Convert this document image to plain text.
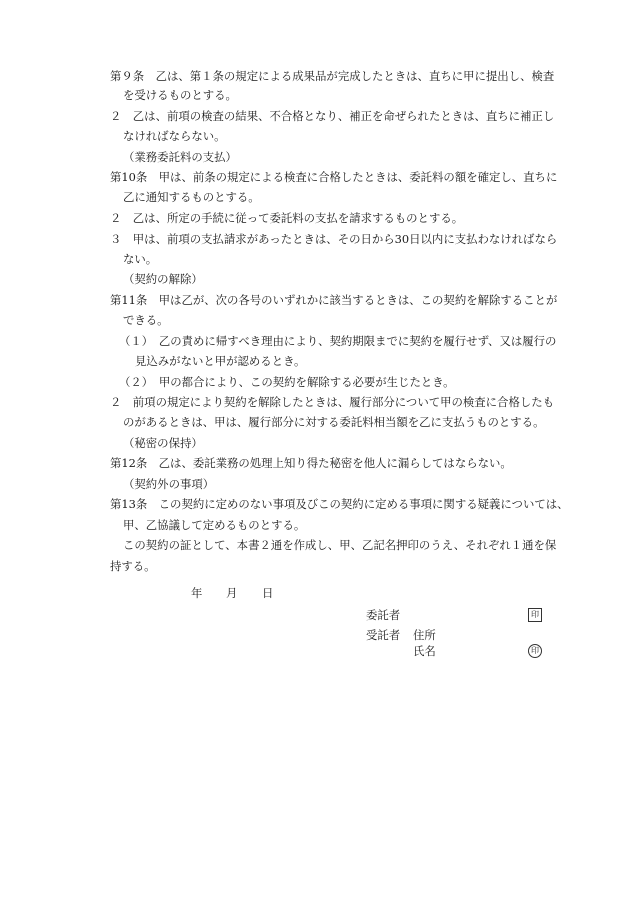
第９条　乙は、第１条の規定による成果品が完成したときは、直ちに甲に提出し、検査
を受けるものとする。
２　乙は、前項の検査の結果、不合格となり、補正を命ぜられたときは、直ちに補正し
なければならない。
（業務委託料の支払）
第10条　甲は、前条の規定による検査に合格したときは、委託料の額を確定し、直ちに
乙に通知するものとする。
２　乙は、所定の手続に従って委託料の支払を請求するものとする。
３　甲は、前項の支払請求があったときは、その日から30日以内に支払わなければなら
ない。
（契約の解除）
第11条　甲は乙が、次の各号のいずれかに該当するときは、この契約を解除することが
できる。
（１）　乙の責めに帰すべき理由により、契約期限までに契約を履行せず、又は履行の
見込みがないと甲が認めるとき。
（２）　甲の都合により、この契約を解除する必要が生じたとき。
２　前項の規定により契約を解除したときは、履行部分について甲の検査に合格したも
のがあるときは、甲は、履行部分に対する委託料相当額を乙に支払うものとする。
（秘密の保持）
第12条　乙は、委託業務の処理上知り得た秘密を他人に漏らしてはならない。
（契約外の事項）
第13条　この契約に定めのない事項及びこの契約に定める事項に関する疑義については、
甲、乙協議して定めるものとする。
この契約の証として、本書２通を作成し、甲、乙記名押印のうえ、それぞれ１通を保
持する。
年 月 日
委託者	印
受託者 住所
氏名	印
